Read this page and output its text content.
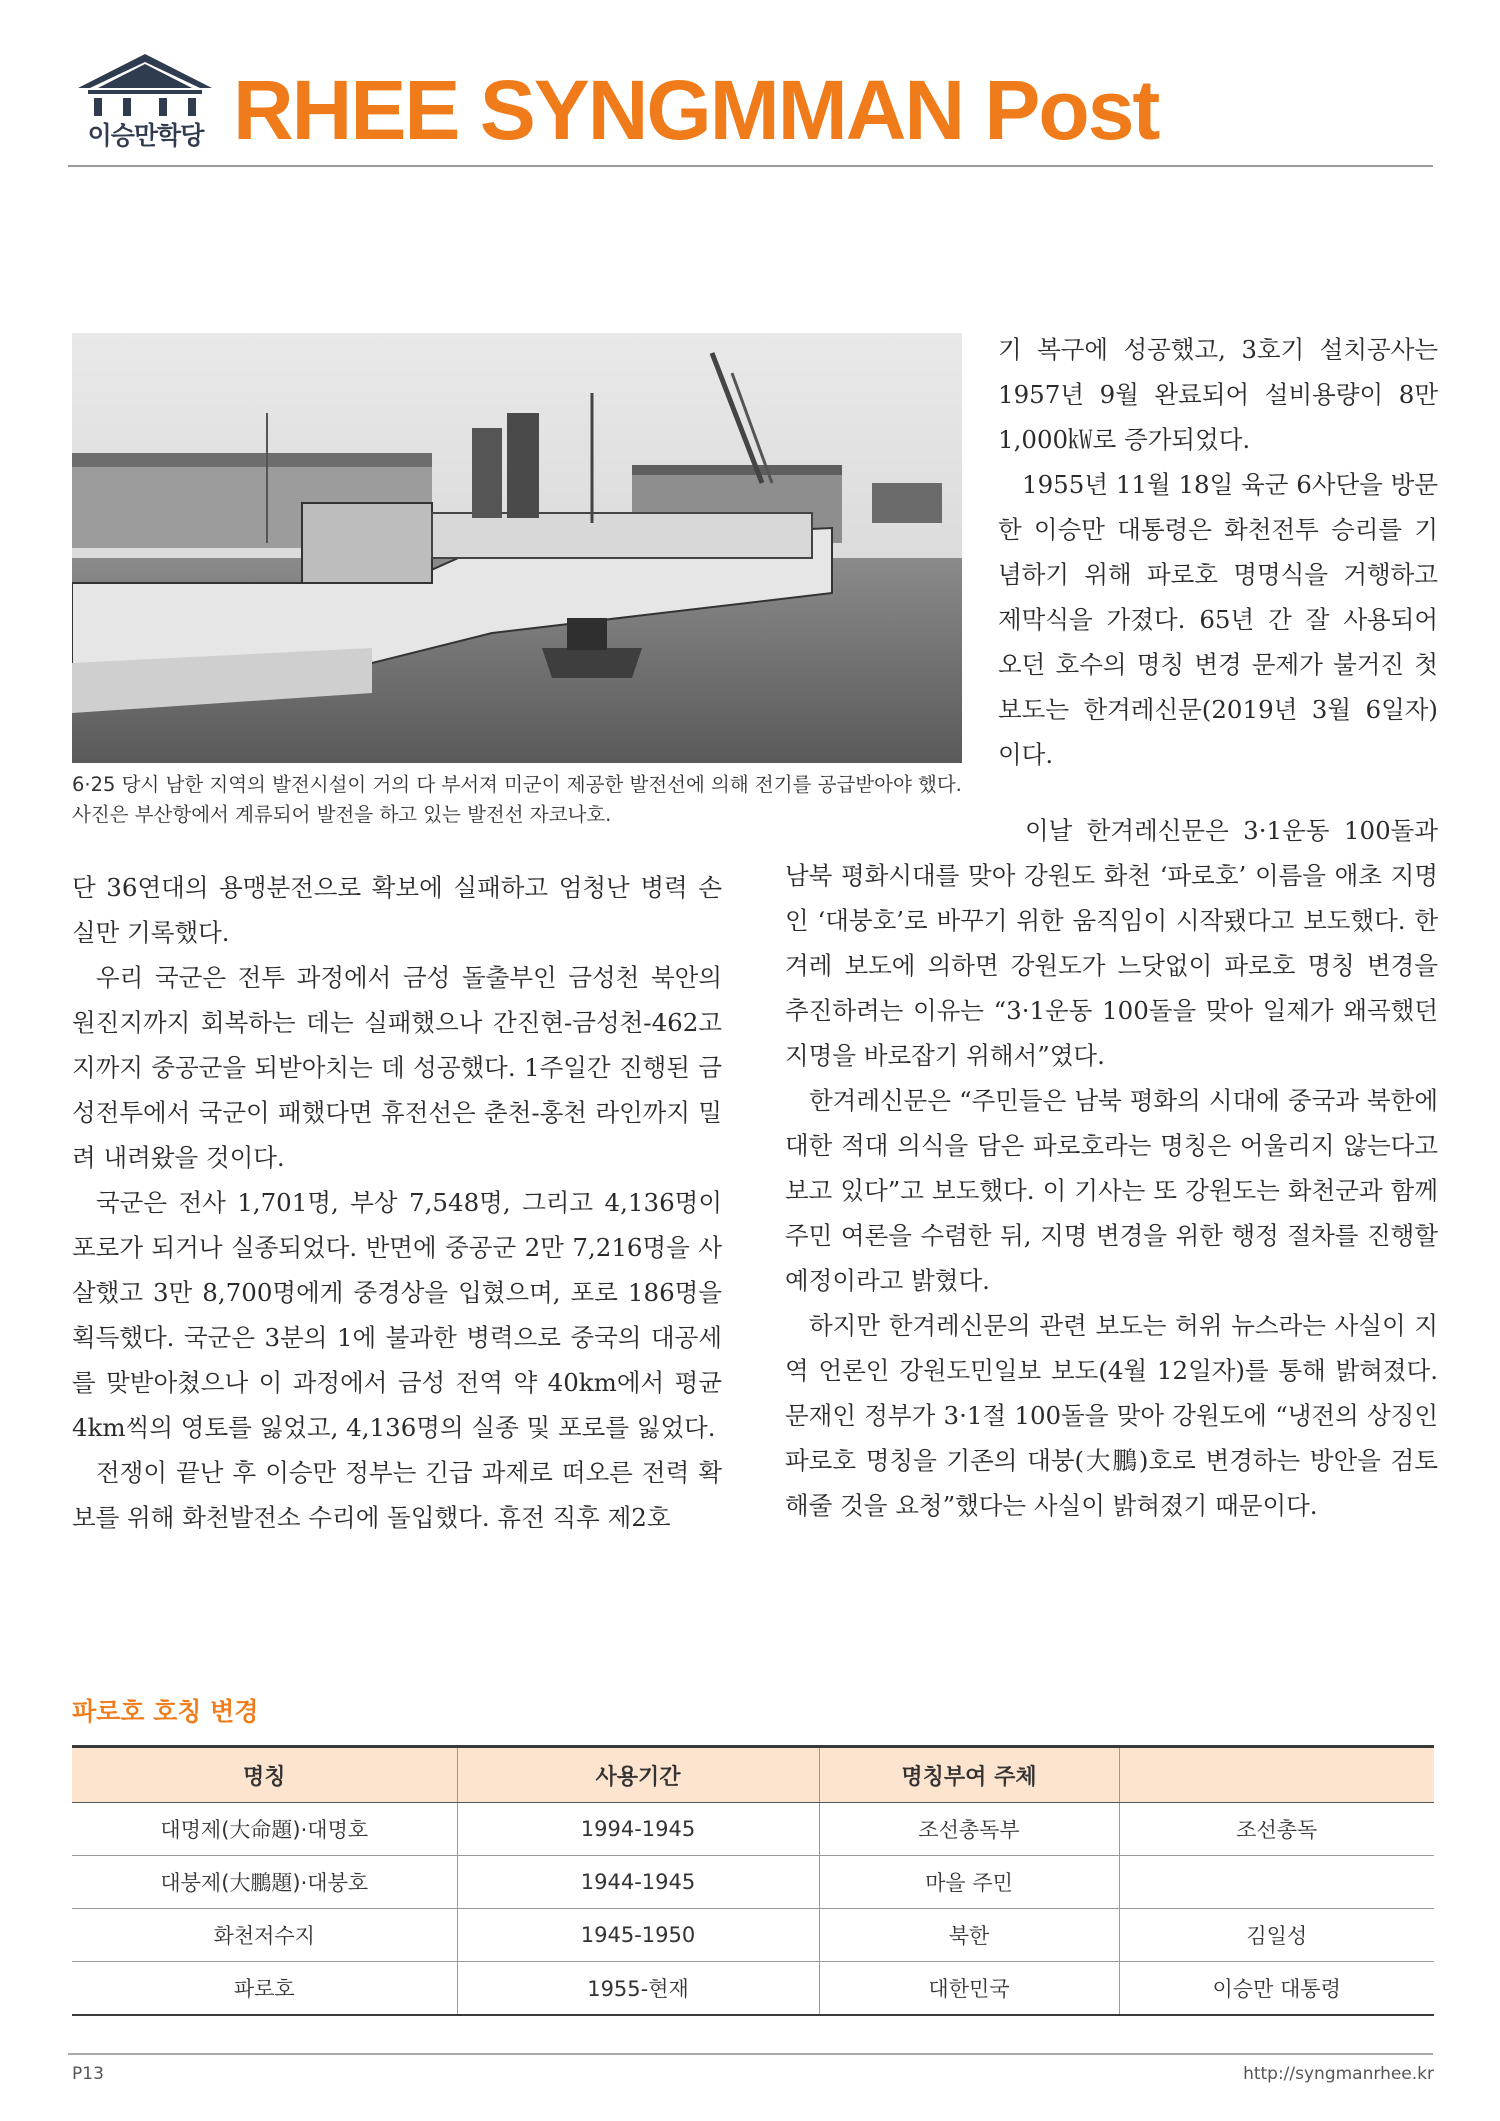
이승만학당 RHEE SYNGMMAN Post
6·25 당시 남한 지역의 발전시설이 거의 다 부서져 미군이 제공한 발전선에 의해 전기를 공급받아야 했다. 사진은 부산항에서 계류되어 발전을 하고 있는 발전선 자코나호.

기 복구에 성공했고, 3호기 설치공사는 1957년 9월 완료되어 설비용량이 8만 1,000㎾로 증가되었다.

1955년 11월 18일 육군 6사단을 방문한 이승만 대통령은 화천전투 승리를 기념하기 위해 파로호 명명식을 거행하고 제막식을 가졌다. 65년 간 잘 사용되어 오던 호수의 명칭 변경 문제가 불거진 첫 보도는 한겨레신문(2019년 3월 6일자)이다.

단 36연대의 용맹분전으로 확보에 실패하고 엄청난 병력 손실만 기록했다.

우리 국군은 전투 과정에서 금성 돌출부인 금성천 북안의 원진지까지 회복하는 데는 실패했으나 간진현-금성천-462고지까지 중공군을 되받아치는 데 성공했다. 1주일간 진행된 금성전투에서 국군이 패했다면 휴전선은 춘천-홍천 라인까지 밀려 내려왔을 것이다.

국군은 전사 1,701명, 부상 7,548명, 그리고 4,136명이 포로가 되거나 실종되었다. 반면에 중공군 2만 7,216명을 사살했고 3만 8,700명에게 중경상을 입혔으며, 포로 186명을 획득했다. 국군은 3분의 1에 불과한 병력으로 중국의 대공세를 맞받아쳤으나 이 과정에서 금성 전역 약 40km에서 평균 4km씩의 영토를 잃었고, 4,136명의 실종 및 포로를 잃었다.

전쟁이 끝난 후 이승만 정부는 긴급 과제로 떠오른 전력 확보를 위해 화천발전소 수리에 돌입했다. 휴전 직후 제2호

이날 한겨레신문은 3·1운동 100돌과 남북 평화시대를 맞아 강원도 화천 ‘파로호’ 이름을 애초 지명인 ‘대붕호’로 바꾸기 위한 움직임이 시작됐다고 보도했다. 한겨레 보도에 의하면 강원도가 느닷없이 파로호 명칭 변경을 추진하려는 이유는 “3·1운동 100돌을 맞아 일제가 왜곡했던 지명을 바로잡기 위해서”였다.

한겨레신문은 “주민들은 남북 평화의 시대에 중국과 북한에 대한 적대 의식을 담은 파로호라는 명칭은 어울리지 않는다고 보고 있다”고 보도했다. 이 기사는 또 강원도는 화천군과 함께 주민 여론을 수렴한 뒤, 지명 변경을 위한 행정 절차를 진행할 예정이라고 밝혔다.

하지만 한겨레신문의 관련 보도는 허위 뉴스라는 사실이 지역 언론인 강원도민일보 보도(4월 12일자)를 통해 밝혀졌다. 문재인 정부가 3·1절 100돌을 맞아 강원도에 “냉전의 상징인 파로호 명칭을 기존의 대붕(大鵬)호로 변경하는 방안을 검토해줄 것을 요청”했다는 사실이 밝혀졌기 때문이다.

파로호 호칭 변경
명칭	사용기간	명칭부여 주체	
대명제(大命題)·대명호	1994-1945	조선총독부	조선총독
대붕제(大鵬題)·대붕호	1944-1945	마을 주민	
화천저수지	1945-1950	북한	김일성
파로호	1955-현재	대한민국	이승만 대통령
P13	http://syngmanrhee.kr
